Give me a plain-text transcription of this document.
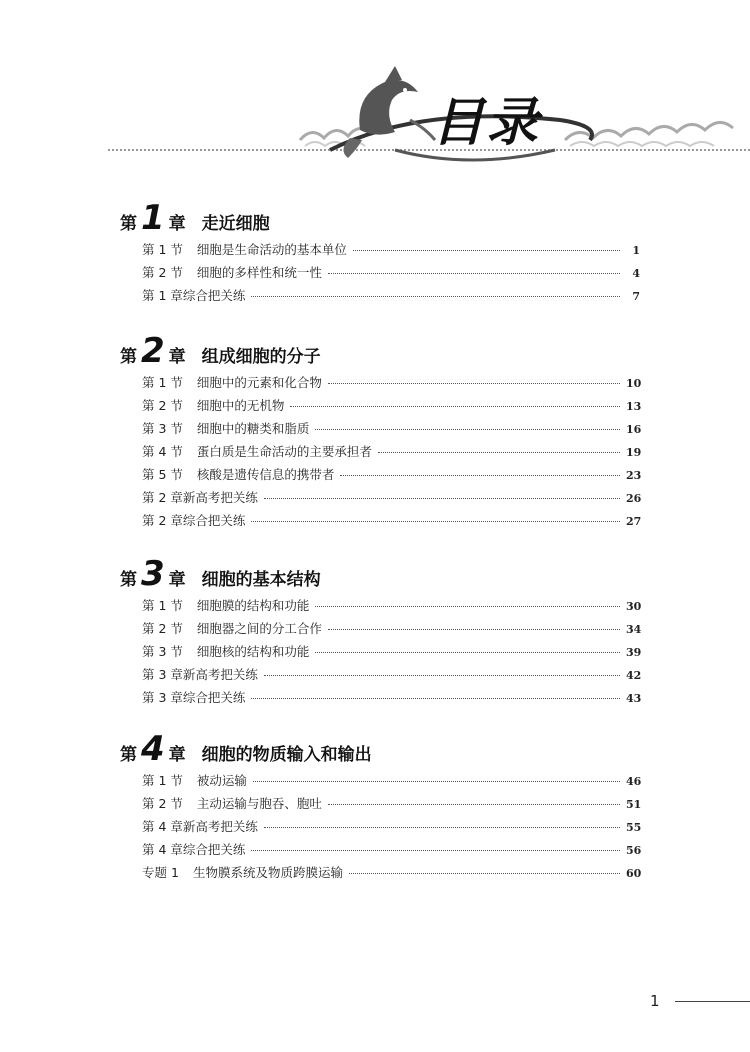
目录
第 1 章 走近细胞
第 1 节 细胞是生命活动的基本单位	1
第 2 节 细胞的多样性和统一性	4
第 1 章综合把关练	7
第 2 章 组成细胞的分子
第 1 节 细胞中的元素和化合物	10
第 2 节 细胞中的无机物	13
第 3 节 细胞中的糖类和脂质	16
第 4 节 蛋白质是生命活动的主要承担者	19
第 5 节 核酸是遗传信息的携带者	23
第 2 章新高考把关练	26
第 2 章综合把关练	27
第 3 章 细胞的基本结构
第 1 节 细胞膜的结构和功能	30
第 2 节 细胞器之间的分工合作	34
第 3 节 细胞核的结构和功能	39
第 3 章新高考把关练	42
第 3 章综合把关练	43
第 4 章 细胞的物质输入和输出
第 1 节 被动运输	46
第 2 节 主动运输与胞吞、胞吐	51
第 4 章新高考把关练	55
第 4 章综合把关练	56
专题 1 生物膜系统及物质跨膜运输	60
1
